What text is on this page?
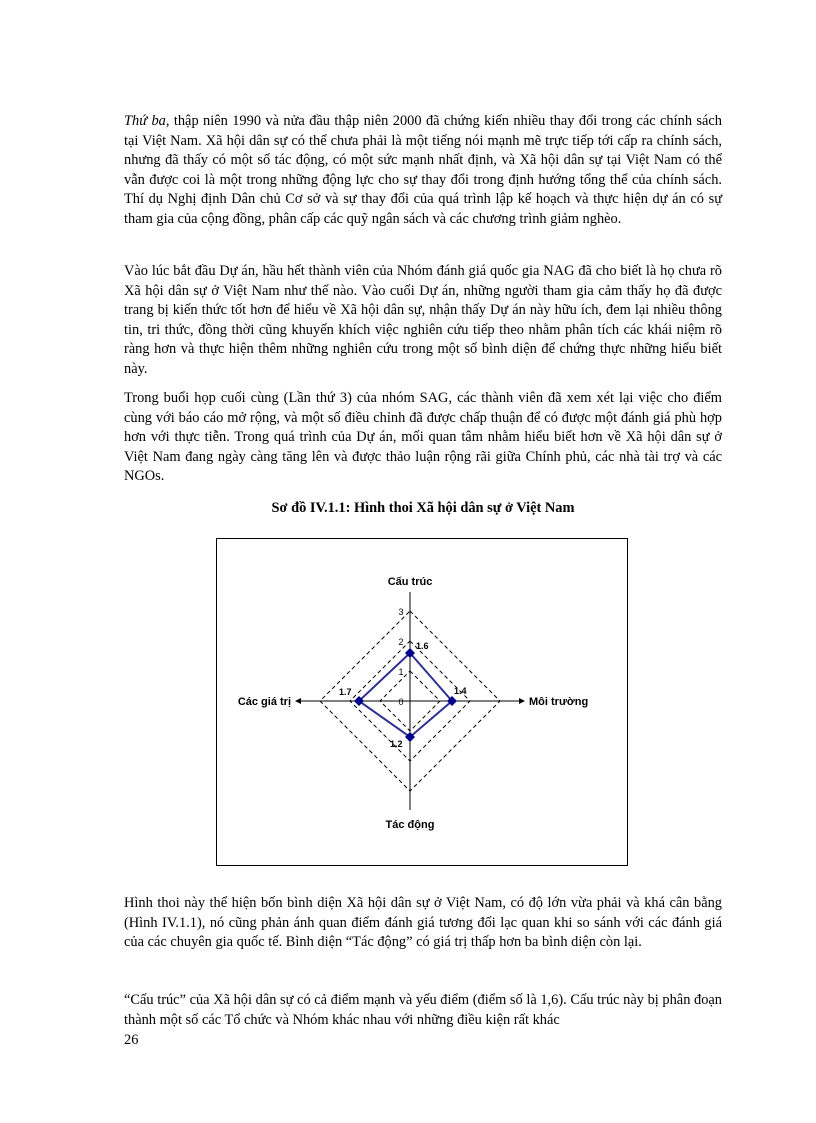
Thứ ba, thập niên 1990 và nửa đầu thập niên 2000 đã chứng kiến nhiều thay đổi trong các chính sách tại Việt Nam. Xã hội dân sự có thể chưa phải là một tiếng nói mạnh mẽ trực tiếp tới cấp ra chính sách, nhưng đã thấy có một số tác động, có một sức mạnh nhất định, và Xã hội dân sự tại Việt Nam có thể vẫn được coi là một trong những động lực cho sự thay đổi trong định hướng tổng thể của chính sách. Thí dụ Nghị định Dân chủ Cơ sở và sự thay đổi của quá trình lập kế hoạch và thực hiện dự án có sự tham gia của cộng đồng, phân cấp các quỹ ngân sách và các chương trình giảm nghèo.

Vào lúc bắt đầu Dự án, hầu hết thành viên của Nhóm đánh giá quốc gia NAG đã cho biết là họ chưa rõ Xã hội dân sự ở Việt Nam như thế nào. Vào cuối Dự án, những người tham gia cảm thấy họ đã được trang bị kiến thức tốt hơn để hiểu về Xã hội dân sự, nhận thấy Dự án này hữu ích, đem lại nhiều thông tin, tri thức, đồng thời cũng khuyến khích việc nghiên cứu tiếp theo nhằm phân tích các khái niệm rõ ràng hơn và thực hiện thêm những nghiên cứu trong một số bình diện để chứng thực những hiểu biết này.

Trong buổi họp cuối cùng (Lần thứ 3) của nhóm SAG, các thành viên đã xem xét lại việc cho điểm cùng với báo cáo mở rộng, và một số điều chỉnh đã được chấp thuận để có được một đánh giá phù hợp hơn với thực tiễn. Trong quá trình của Dự án, mối quan tâm nhằm hiểu biết hơn về Xã hội dân sự ở Việt Nam đang ngày càng tăng lên và được thảo luận rộng rãi giữa Chính phủ, các nhà tài trợ và các NGOs.

Sơ đồ IV.1.1: Hình thoi Xã hội dân sự ở Việt Nam
0
1
2
3
1.6
1.4
1.2
1.7
Cấu trúc
Môi trường
Tác động
Các giá trị

Hình thoi này thể hiện bốn bình diện Xã hội dân sự ở Việt Nam, có độ lớn vừa phải và khá cân bằng (Hình IV.1.1), nó cũng phản ánh quan điểm đánh giá tương đối lạc quan khi so sánh với các đánh giá của các chuyên gia quốc tế. Bình diện “Tác động” có giá trị thấp hơn ba bình diện còn lại.

“Cấu trúc” của Xã hội dân sự có cả điểm mạnh và yếu điểm (điểm số là 1,6). Cấu trúc này bị phân đoạn thành một số các Tổ chức và Nhóm khác nhau với những điều kiện rất khác

26
